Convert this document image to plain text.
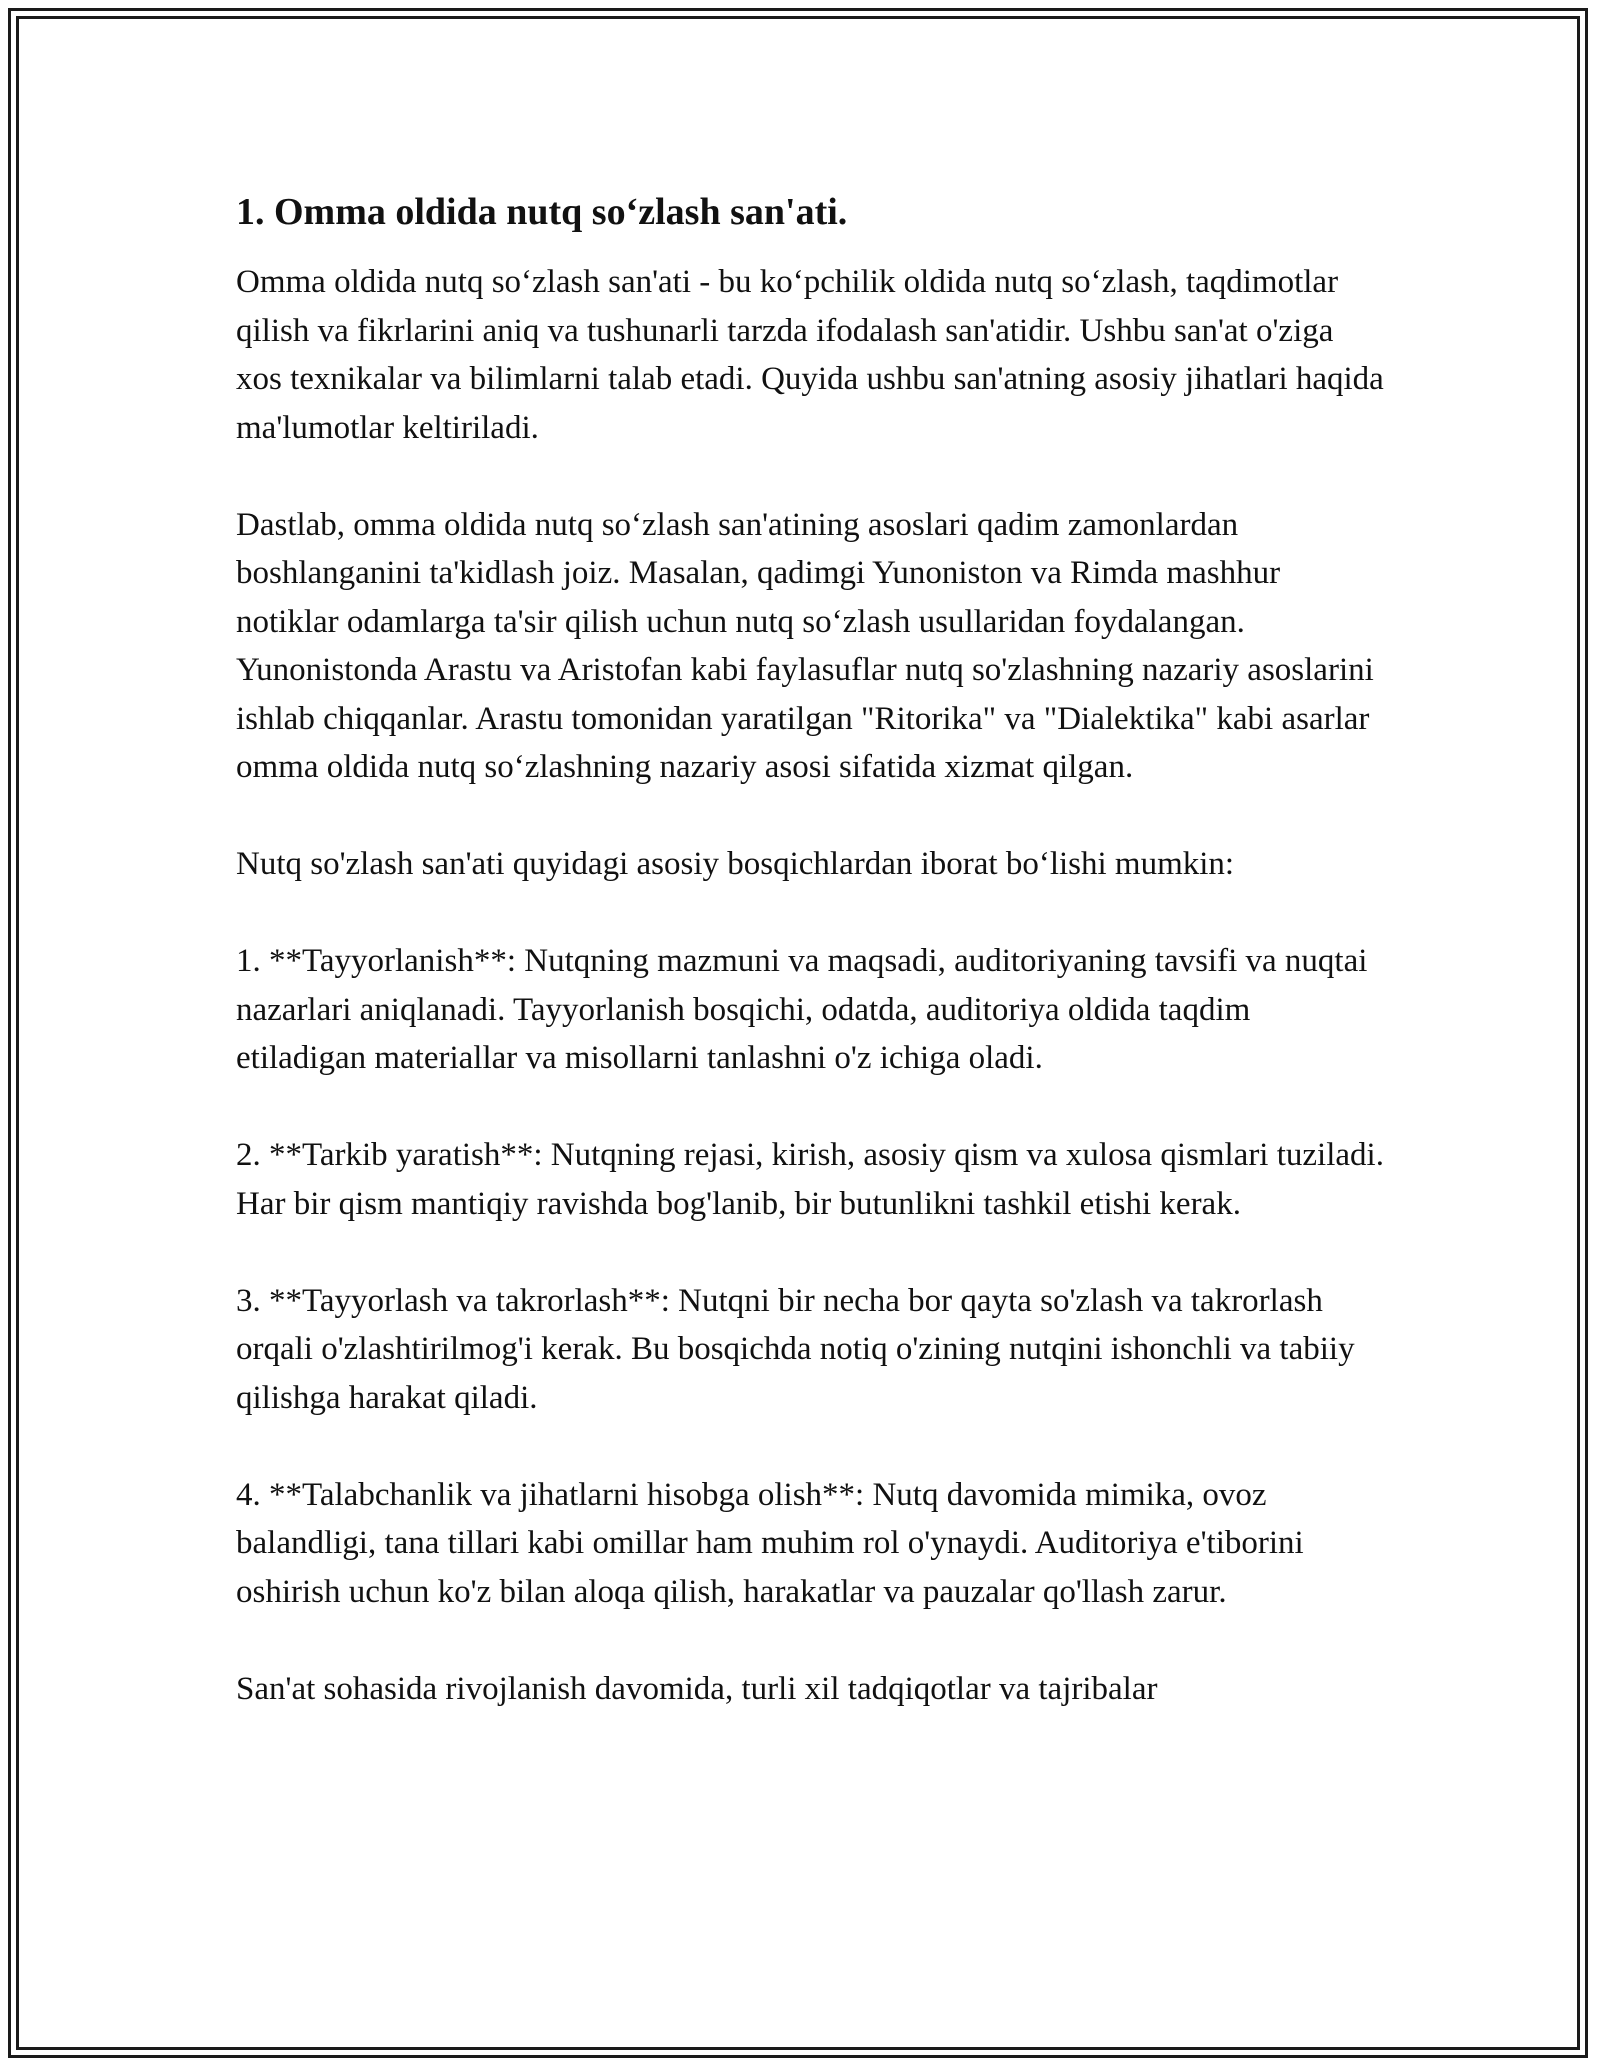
1. Omma oldida nutq so‘zlash san'ati.

Omma oldida nutq so‘zlash san'ati - bu ko‘pchilik oldida nutq so‘zlash, taqdimotlar qilish va fikrlarini aniq va tushunarli tarzda ifodalash san'atidir. Ushbu san'at o'ziga xos texnikalar va bilimlarni talab etadi. Quyida ushbu san'atning asosiy jihatlari haqida ma'lumotlar keltiriladi.

Dastlab, omma oldida nutq so‘zlash san'atining asoslari qadim zamonlardan boshlanganini ta'kidlash joiz. Masalan, qadimgi Yunoniston va Rimda mashhur notiklar odamlarga ta'sir qilish uchun nutq so‘zlash usullaridan foydalangan. Yunonistonda Arastu va Aristofan kabi faylasuflar nutq so'zlashning nazariy asoslarini ishlab chiqqanlar. Arastu tomonidan yaratilgan "Ritorika" va "Dialektika" kabi asarlar omma oldida nutq so‘zlashning nazariy asosi sifatida xizmat qilgan.

Nutq so'zlash san'ati quyidagi asosiy bosqichlardan iborat bo‘lishi mumkin:

1. **Tayyorlanish**: Nutqning mazmuni va maqsadi, auditoriyaning tavsifi va nuqtai nazarlari aniqlanadi. Tayyorlanish bosqichi, odatda, auditoriya oldida taqdim etiladigan materiallar va misollarni tanlashni o'z ichiga oladi.

2. **Tarkib yaratish**: Nutqning rejasi, kirish, asosiy qism va xulosa qismlari tuziladi. Har bir qism mantiqiy ravishda bog'lanib, bir butunlikni tashkil etishi kerak.

3. **Tayyorlash va takrorlash**: Nutqni bir necha bor qayta so'zlash va takrorlash orqali o'zlashtirilmog'i kerak. Bu bosqichda notiq o'zining nutqini ishonchli va tabiiy qilishga harakat qiladi.

4. **Talabchanlik va jihatlarni hisobga olish**: Nutq davomida mimika, ovoz balandligi, tana tillari kabi omillar ham muhim rol o'ynaydi. Auditoriya e'tiborini oshirish uchun ko'z bilan aloqa qilish, harakatlar va pauzalar qo'llash zarur.

San'at sohasida rivojlanish davomida, turli xil tadqiqotlar va tajribalar
